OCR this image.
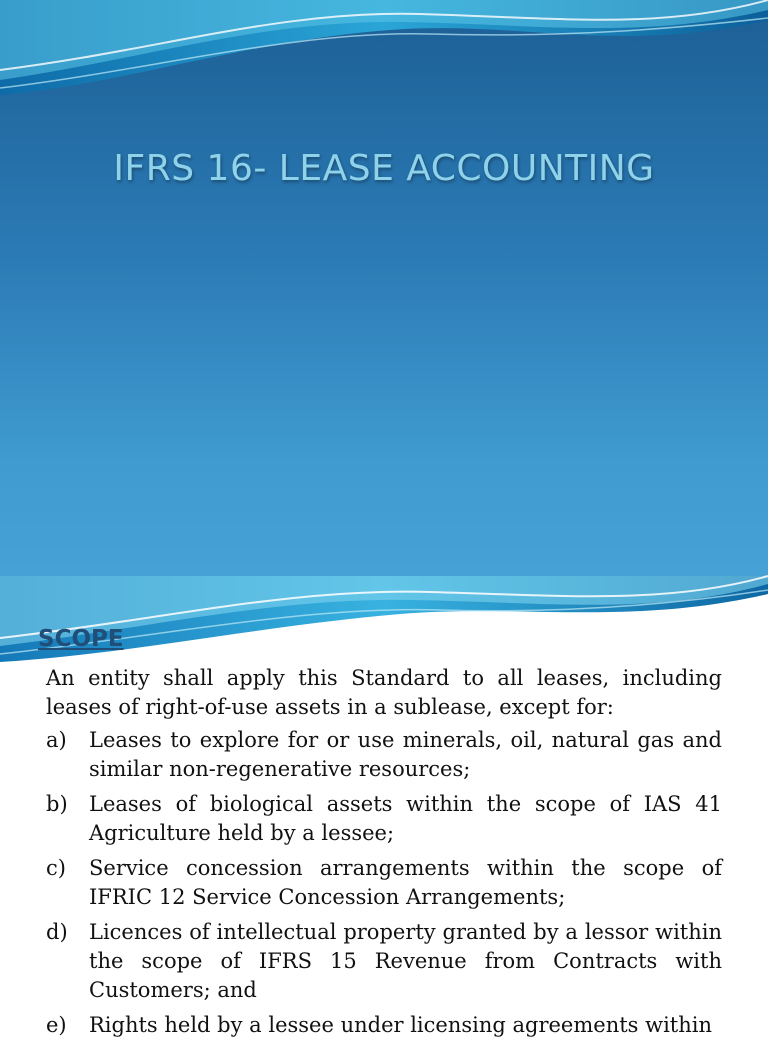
IFRS 16- LEASE ACCOUNTING
SCOPE

An entity shall apply this Standard to all leases, including leases of right-of-use assets in a sublease, except for:

a)	Leases to explore for or use minerals, oil, natural gas and similar non-regenerative resources;
b)	Leases of biological assets within the scope of IAS 41 Agriculture held by a lessee;
c)	Service concession arrangements within the scope of IFRIC 12 Service Concession Arrangements;
d)	Licences of intellectual property granted by a lessor within the scope of IFRS 15 Revenue from Contracts with Customers; and
e)	Rights held by a lessee under licensing agreements within
